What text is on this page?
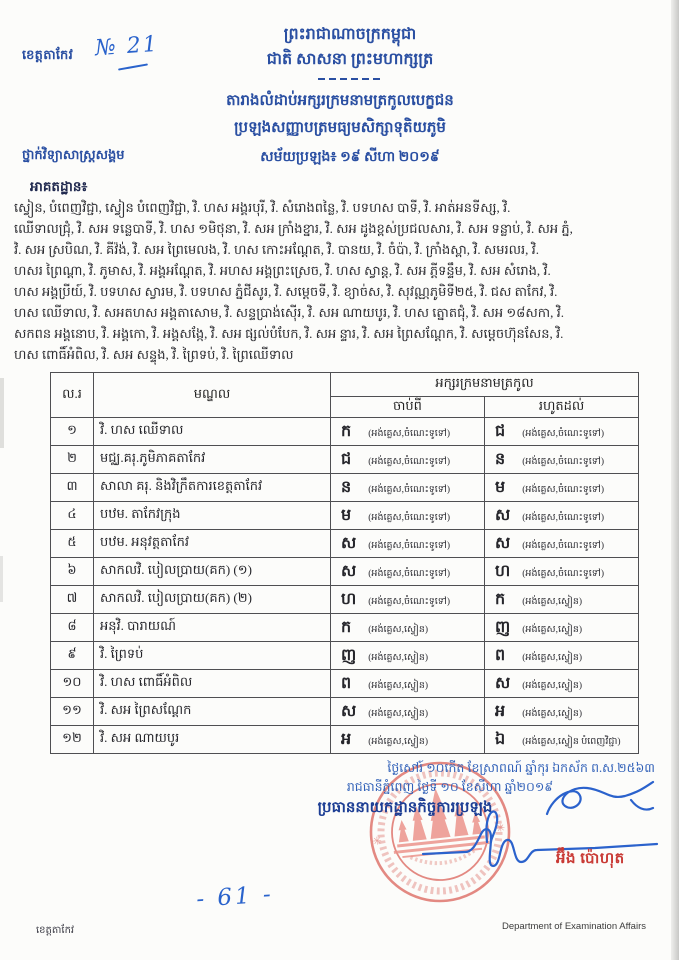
ខេត្តតាកែវ № 21	ព្រះរាជាណាចក្រកម្ពុជា
ជាតិ សាសនា ព្រះមហាក្សត្រ
តារាងលំដាប់អក្សរក្រមនាមត្រកូលបេក្ខជន
ប្រឡងសញ្ញាបត្រមធ្យមសិក្សាទុតិយភូមិ
ថ្នាក់វិទ្យាសាស្ត្រសង្គម	សម័យប្រឡង៖ ១៩ សីហា ២០១៩
អាគតដ្ឋាន៖
ស្វៀន, បំពេញវិជ្ជា, ស្វៀន បំពេញវិជ្ជា, វិ. ហស អង្គរបុរី, វិ. សំរោងពន្លៃ, វិ. បទហស បាទី, វិ. អាត់អនទីស្ស, វិ.
ឈើទាលជ្រុំ, វិ. សអ ទន្លេបាទី, វិ. ហស ១មិថុនា, វិ. សអ ក្រាំងខ្នារ, វិ. សអ ដូងខ្ពស់ប្រជលសារ, វិ. សអ ទន្លាប់, វិ. សអ ភ្នំ,
វិ. សអ ស្របិណ, វិ. គីវ៉ង់, វិ. សអ ព្រៃមេលង, វិ. ហស កោះអណ្ដែត, វិ. បានយ, វិ. ចំប៉ា, វិ. ក្រាំងស្ពា, វិ. សមរលរ, វិ.
ហសរ ព្រៃណ្ដា, វិ. ភូមាស, វិ. អង្គអណ្ដែត, វិ. អហស អង្គព្រះស្រេច, វិ. ហស ស្វាន្ត, វិ. សអ ភ្ដីទន្ទឹម, វិ. សអ សំរោង, វិ.
ហស អង្គប្រីយ៍, វិ. បទហស ស្វារម, វិ. បទហស ភ្នំជីសូរ, វិ. សម្ដេចទី, វិ. ខ្យាច់ស, វិ. សុវណ្ណភូមិទី២៥, វិ. ជស តាកែវ, វិ.
ហស ឈើទាល, វិ. សអតហស អង្គតាសោម, វិ. សន្ទប្រាង់ស៊ើរ, វិ. សអ ណាយបូរ, វិ. ហស ត្នោតជុំ, វិ. សអ ១៨សកា, វិ.
សកពន អង្គនោប, វិ. អង្គកោ, វិ. អង្គសង្កែ, វិ. សអ ផ្សល់បំបែក, វិ. សអ ន្ទារ, វិ. សអ ព្រៃសណ្ដែក, វិ. សម្ដេចហ៊ុនសែន, វិ.
ហស ពោធិ៍អំពិល, វិ. សអ សន្ទុង, វិ. ព្រៃទប់, វិ. ព្រៃឈើទាល
ល.រ	មណ្ឌល	អក្សរក្រមនាមត្រកូល	
		ចាប់ពី	រហូតដល់
១	វិ. ហស ឈើទាល	ក (អង់គ្លេស,ចំណេះទូទៅ)	ជ (អង់គ្លេស,ចំណេះទូទៅ)
២	មជ្ឈ.គរុ.ភូមិភាគតាកែវ	ជ (អង់គ្លេស,ចំណេះទូទៅ)	ន (អង់គ្លេស,ចំណេះទូទៅ)
៣	សាលា គរុ. និងវិក្រឹតការខេត្តតាកែវ	ន (អង់គ្លេស,ចំណេះទូទៅ)	ម (អង់គ្លេស,ចំណេះទូទៅ)
៤	បឋម. តាកែវក្រុង	ម (អង់គ្លេស,ចំណេះទូទៅ)	ស (អង់គ្លេស,ចំណេះទូទៅ)
៥	បឋម. អនុវត្តតាកែវ	ស (អង់គ្លេស,ចំណេះទូទៅ)	ស (អង់គ្លេស,ចំណេះទូទៅ)
៦	សាកលវិ. បៀលប្រាយ(គក) (១)	ស (អង់គ្លេស,ចំណេះទូទៅ)	ហ (អង់គ្លេស,ចំណេះទូទៅ)
៧	សាកលវិ. បៀលប្រាយ(គក) (២)	ហ (អង់គ្លេស,ចំណេះទូទៅ)	ក (អង់គ្លេស,ស្វៀន)
៨	អនុវិ. បារាយណ៍	ក (អង់គ្លេស,ស្វៀន)	ញ (អង់គ្លេស,ស្វៀន)
៩	វិ. ព្រៃទប់	ញ (អង់គ្លេស,ស្វៀន)	ព (អង់គ្លេស,ស្វៀន)
១០	វិ. ហស ពោធិ៍អំពិល	ព (អង់គ្លេស,ស្វៀន)	ស (អង់គ្លេស,ស្វៀន)
១១	វិ. សអ ព្រៃសណ្ដែក	ស (អង់គ្លេស,ស្វៀន)	អ (អង់គ្លេស,ស្វៀន)
១២	វិ. សអ ណាយបូរ	អ (អង់គ្លេស,ស្វៀន)	ឯ (អង់គ្លេស,ស្វៀន បំពេញវិជ្ជា)
ថ្ងៃសៅរ៍ ១០កើត ខែស្រាពណ៍ ឆ្នាំកុរ ឯកស័ក ព.ស.២៥៦៣
រាជធានីភ្នំពេញ ថ្ងៃទី ១០ ខែសីហា ឆ្នាំ២០១៩
ប្រធាននាយកដ្ឋានកិច្ចការប្រឡង
✳
✳
អ៊ឹង ប៉ោហុត
- 61 -
ខេត្តតាកែវ	Department of Examination Affairs
